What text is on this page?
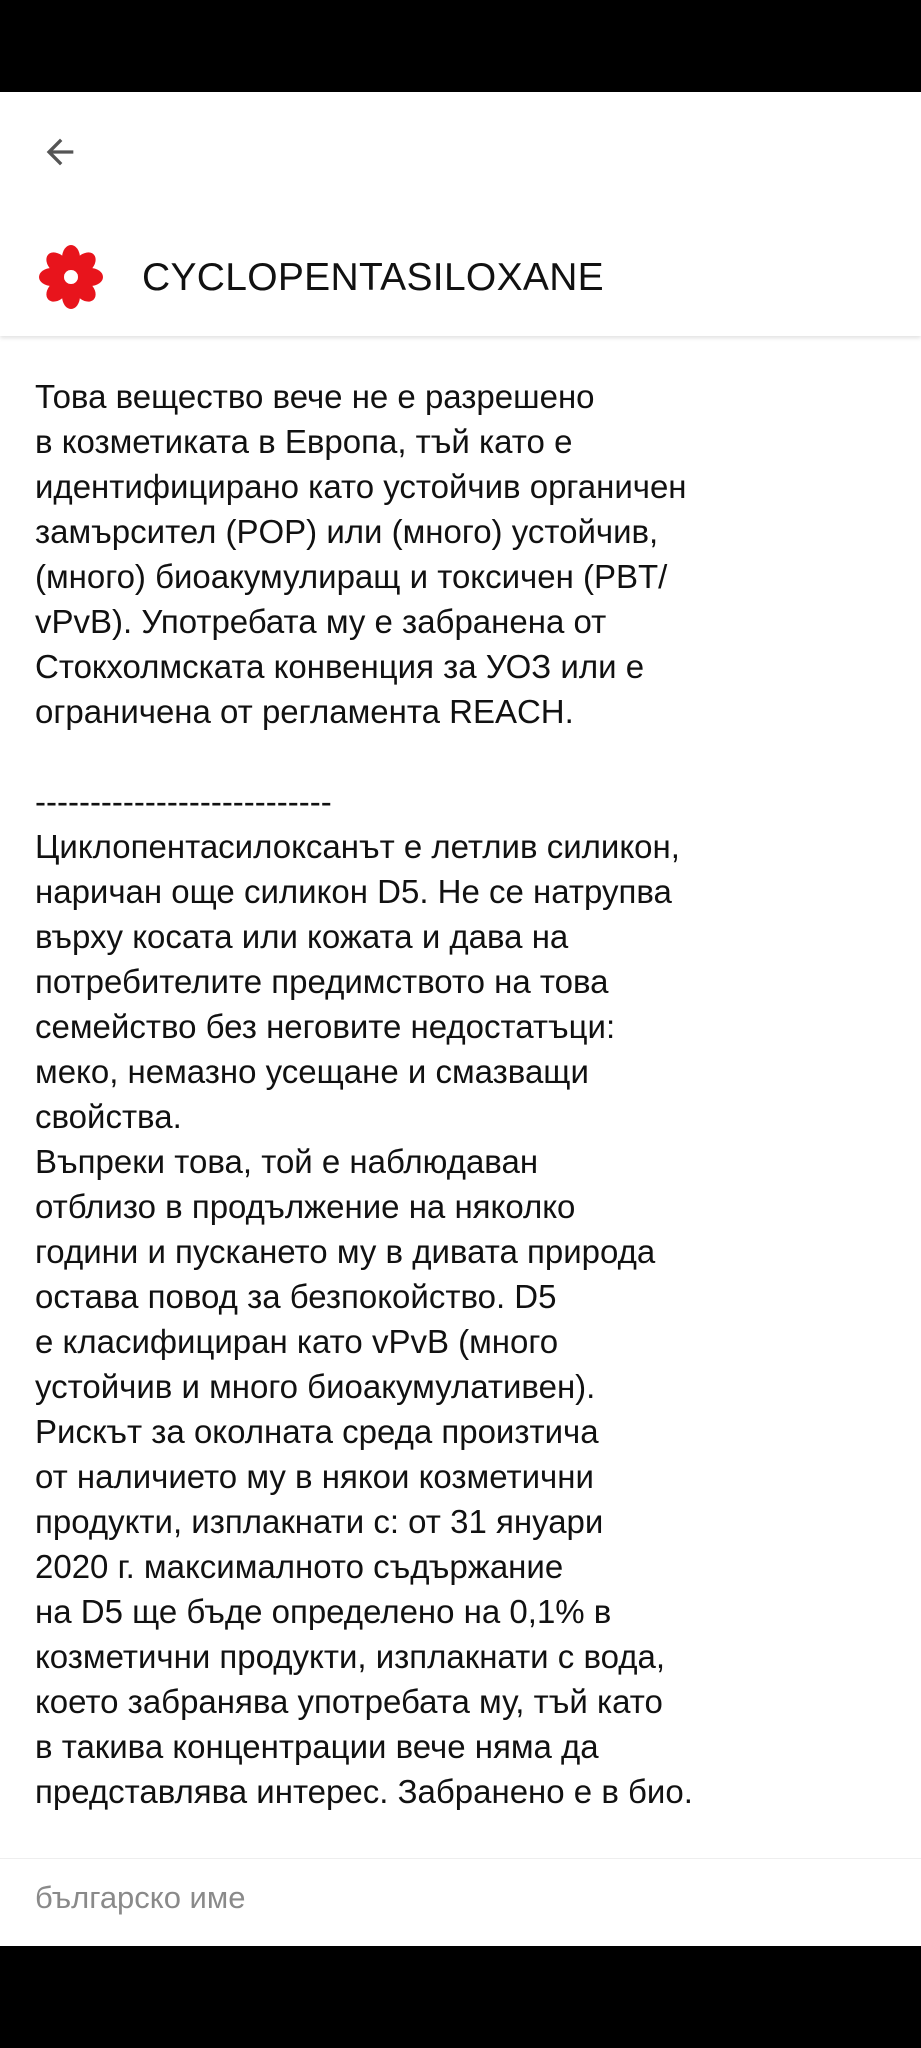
CYCLOPENTASILOXANE

Това вещество вече не е разрешено
в козметиката в Европа, тъй като е
идентифицирано като устойчив органичен
замърсител (POP) или (много) устойчив,
(много) биоакумулиращ и токсичен (PBT/
vPvB). Употребата му е забранена от
Стокхолмската конвенция за УОЗ или е
ограничена от регламента REACH.

---------------------------
Циклопентасилоксанът е летлив силикон,
наричан още силикон D5. Не се натрупва
върху косата или кожата и дава на
потребителите предимството на това
семейство без неговите недостатъци:
меко, немазно усещане и смазващи
свойства.
Въпреки това, той е наблюдаван
отблизо в продължение на няколко
години и пускането му в дивата природа
остава повод за безпокойство. D5
е класифициран като vPvB (много
устойчив и много биоакумулативен).
Рискът за околната среда произтича
от наличието му в някои козметични
продукти, изплакнати с: от 31 януари
2020 г. максималното съдържание
на D5 ще бъде определено на 0,1% в
козметични продукти, изплакнати с вода,
което забранява употребата му, тъй като
в такива концентрации вече няма да
представлява интерес. Забранено е в био.

българско име
